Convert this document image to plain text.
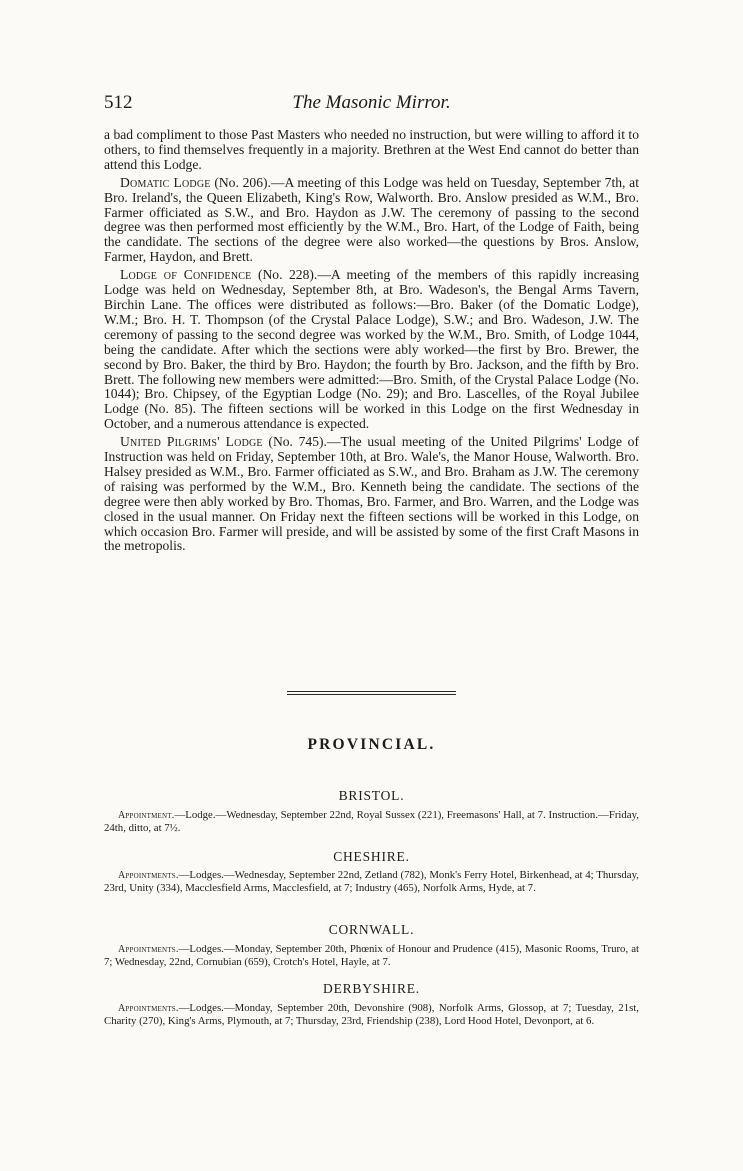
512	The Masonic Mirror.

a bad compliment to those Past Masters who needed no instruction, but were willing to afford it to others, to find themselves frequently in a majority. Brethren at the West End cannot do better than attend this Lodge.

Domatic Lodge (No. 206).—A meeting of this Lodge was held on Tuesday, September 7th, at Bro. Ireland's, the Queen Elizabeth, King's Row, Walworth. Bro. Anslow presided as W.M., Bro. Farmer officiated as S.W., and Bro. Haydon as J.W. The ceremony of passing to the second degree was then performed most efficiently by the W.M., Bro. Hart, of the Lodge of Faith, being the candidate. The sections of the degree were also worked—the questions by Bros. Anslow, Farmer, Haydon, and Brett.

Lodge of Confidence (No. 228).—A meeting of the members of this rapidly increasing Lodge was held on Wednesday, September 8th, at Bro. Wadeson's, the Bengal Arms Tavern, Birchin Lane. The offices were distributed as follows:—Bro. Baker (of the Domatic Lodge), W.M.; Bro. H. T. Thompson (of the Crystal Palace Lodge), S.W.; and Bro. Wadeson, J.W. The ceremony of passing to the second degree was worked by the W.M., Bro. Smith, of Lodge 1044, being the candidate. After which the sections were ably worked—the first by Bro. Brewer, the second by Bro. Baker, the third by Bro. Haydon; the fourth by Bro. Jackson, and the fifth by Bro. Brett. The following new members were admitted:—Bro. Smith, of the Crystal Palace Lodge (No. 1044); Bro. Chipsey, of the Egyptian Lodge (No. 29); and Bro. Lascelles, of the Royal Jubilee Lodge (No. 85). The fifteen sections will be worked in this Lodge on the first Wednesday in October, and a numerous attendance is expected.

United Pilgrims' Lodge (No. 745).—The usual meeting of the United Pilgrims' Lodge of Instruction was held on Friday, September 10th, at Bro. Wale's, the Manor House, Walworth. Bro. Halsey presided as W.M., Bro. Farmer officiated as S.W., and Bro. Braham as J.W. The ceremony of raising was performed by the W.M., Bro. Kenneth being the candidate. The sections of the degree were then ably worked by Bro. Thomas, Bro. Farmer, and Bro. Warren, and the Lodge was closed in the usual manner. On Friday next the fifteen sections will be worked in this Lodge, on which occasion Bro. Farmer will preside, and will be assisted by some of the first Craft Masons in the metropolis.

PROVINCIAL.
BRISTOL.

Appointment.—Lodge.—Wednesday, September 22nd, Royal Sussex (221), Freemasons' Hall, at 7. Instruction.—Friday, 24th, ditto, at 7½.

CHESHIRE.

Appointments.—Lodges.—Wednesday, September 22nd, Zetland (782), Monk's Ferry Hotel, Birkenhead, at 4; Thursday, 23rd, Unity (334), Macclesfield Arms, Macclesfield, at 7; Industry (465), Norfolk Arms, Hyde, at 7.

CORNWALL.

Appointments.—Lodges.—Monday, September 20th, Phœnix of Honour and Prudence (415), Masonic Rooms, Truro, at 7; Wednesday, 22nd, Cornubian (659), Crotch's Hotel, Hayle, at 7.

DERBYSHIRE.

Appointments.—Lodges.—Monday, September 20th, Devonshire (908), Norfolk Arms, Glossop, at 7; Tuesday, 21st, Charity (270), King's Arms, Plymouth, at 7; Thursday, 23rd, Friendship (238), Lord Hood Hotel, Devonport, at 6.
